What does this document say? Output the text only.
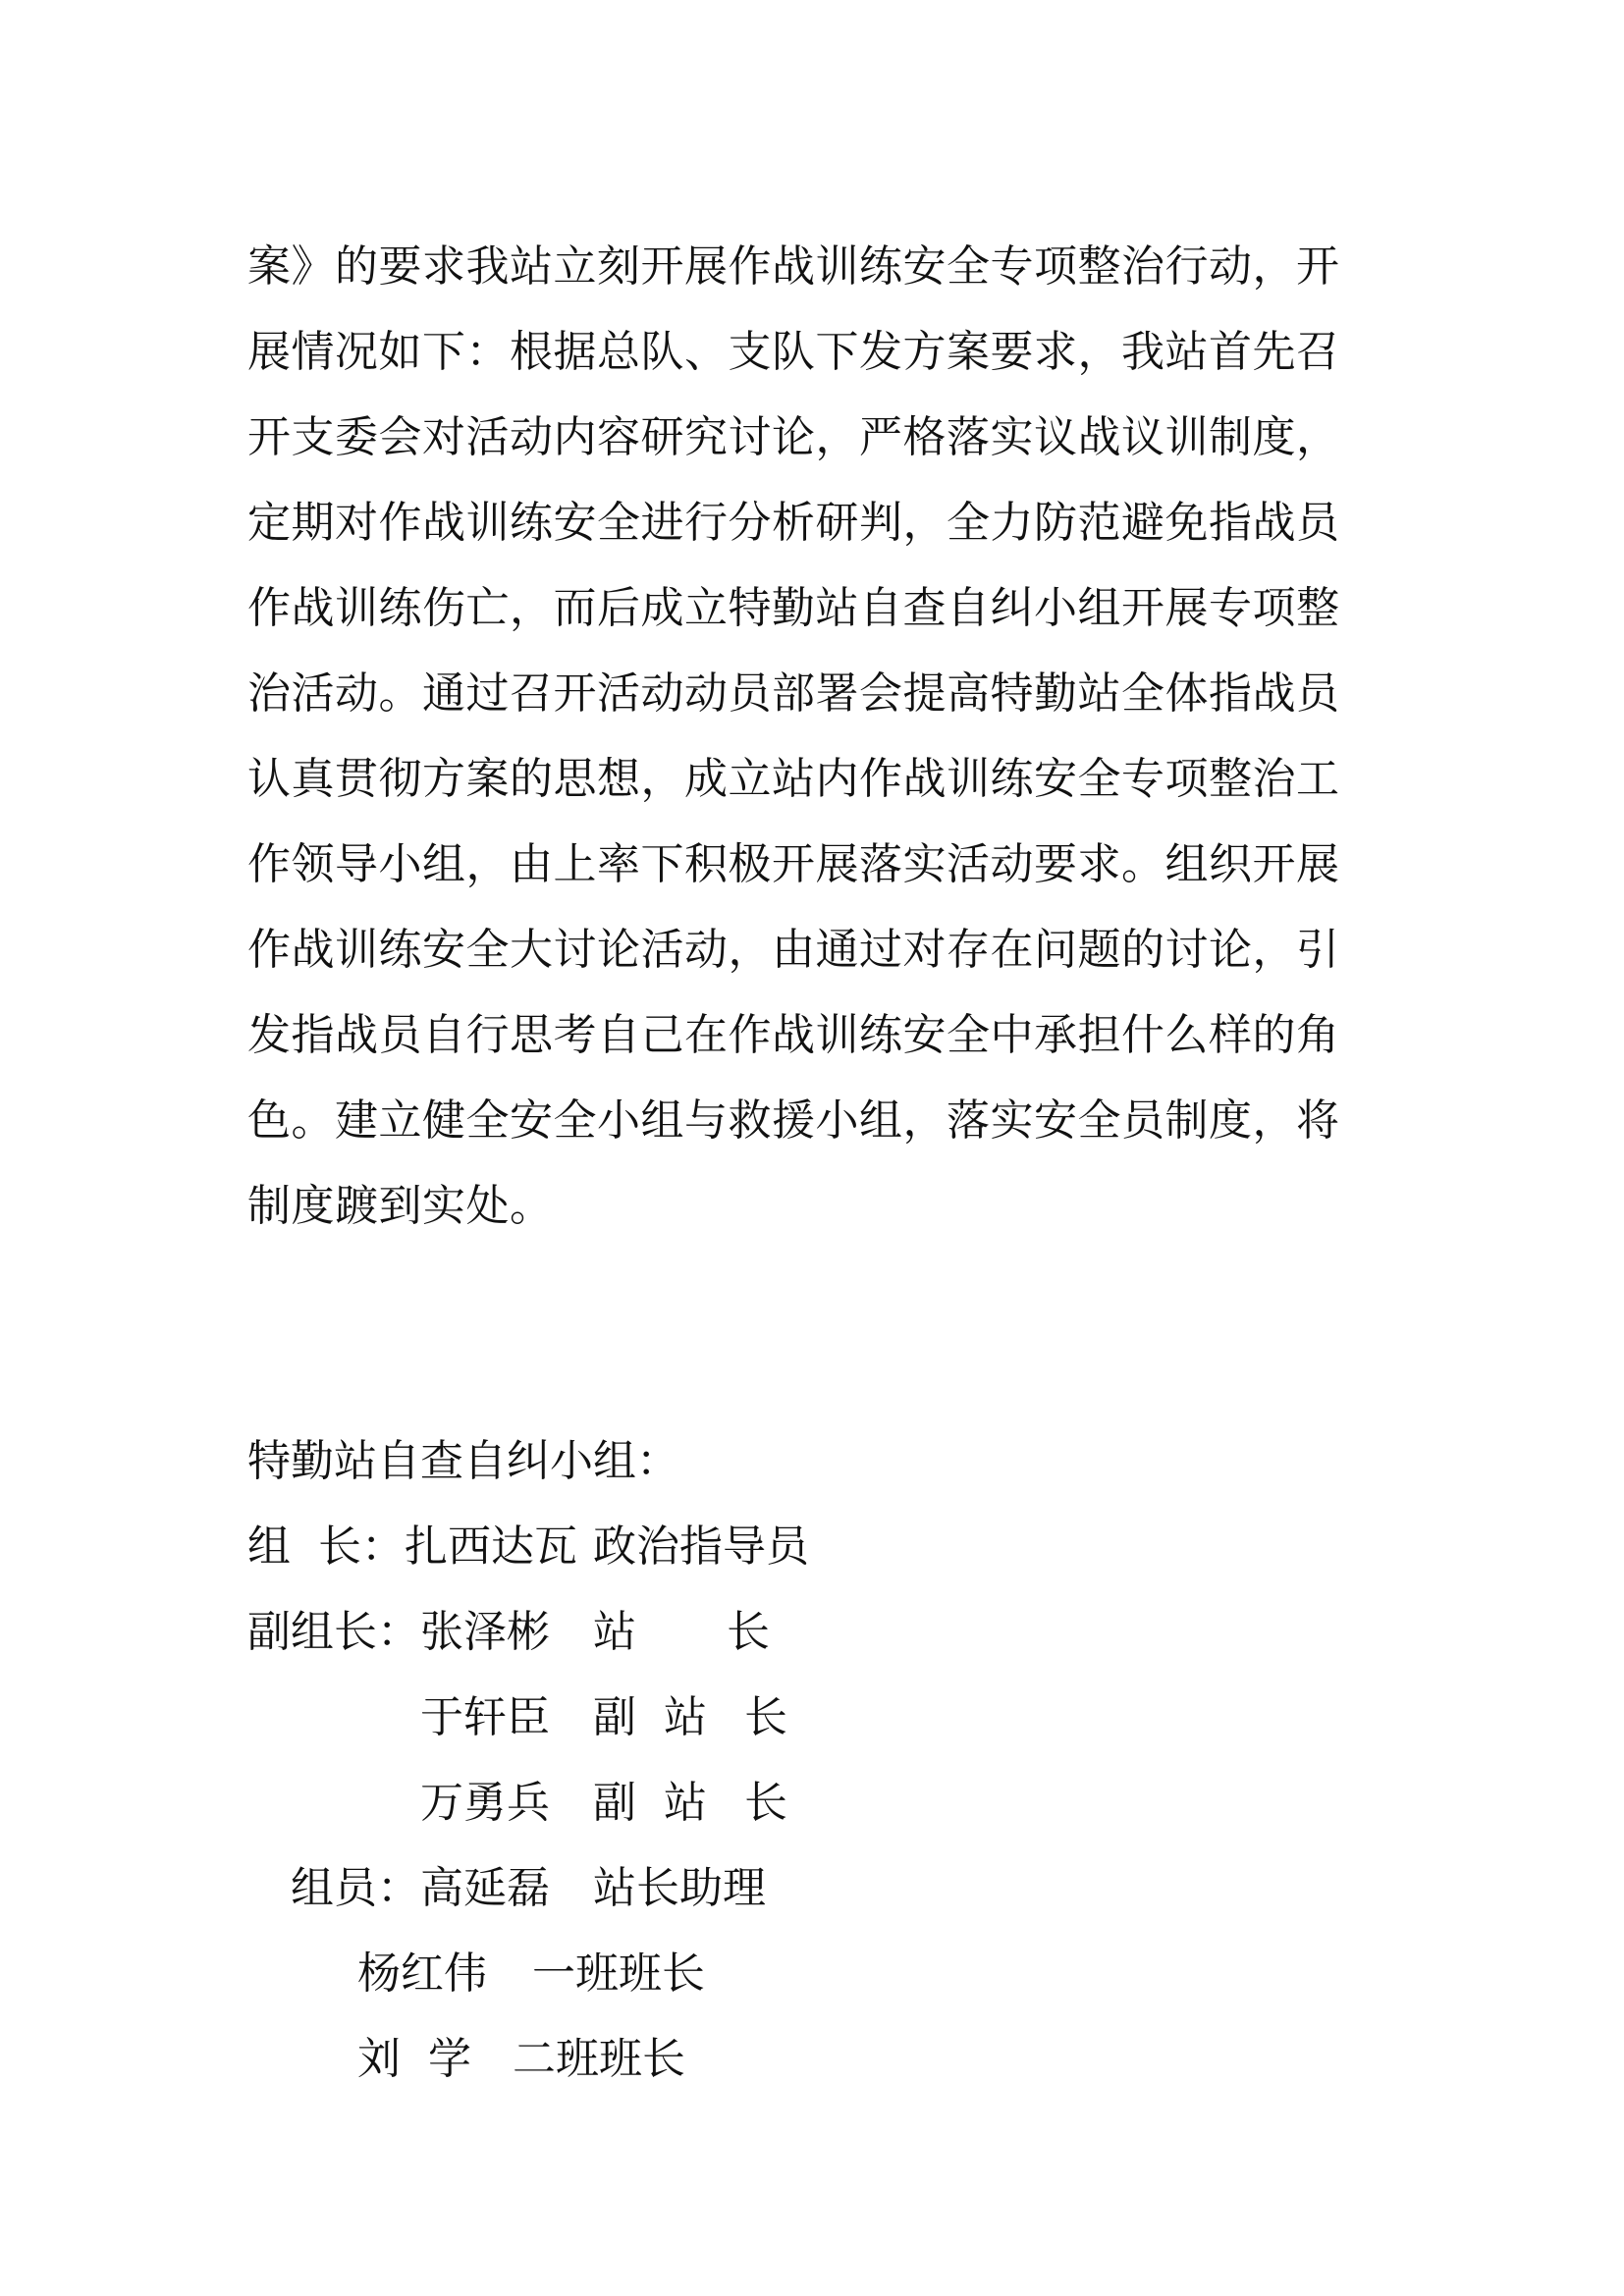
案》的要求我站立刻开展作战训练安全专项整治行动，开
展情况如下：根据总队、支队下发方案要求，我站首先召
开支委会对活动内容研究讨论，严格落实议战议训制度，
定期对作战训练安全进行分析研判，全力防范避免指战员
作战训练伤亡，而后成立特勤站自查自纠小组开展专项整
治活动。通过召开活动动员部署会提高特勤站全体指战员
认真贯彻方案的思想，成立站内作战训练安全专项整治工
作领导小组，由上率下积极开展落实活动要求。组织开展
作战训练安全大讨论活动，由通过对存在问题的讨论，引
发指战员自行思考自己在作战训练安全中承担什么样的角
色。建立健全安全小组与救援小组，落实安全员制度，将
制度踱到实处。
特勤站自查自纠小组：
组  长： 扎西达瓦 政治指导员
副组长： 张泽彬 站 长
于轩臣 副 站 长
万勇兵 副 站 长
组员： 高延磊 站长助理
杨红伟 一班班长
刘  学 二班班长
